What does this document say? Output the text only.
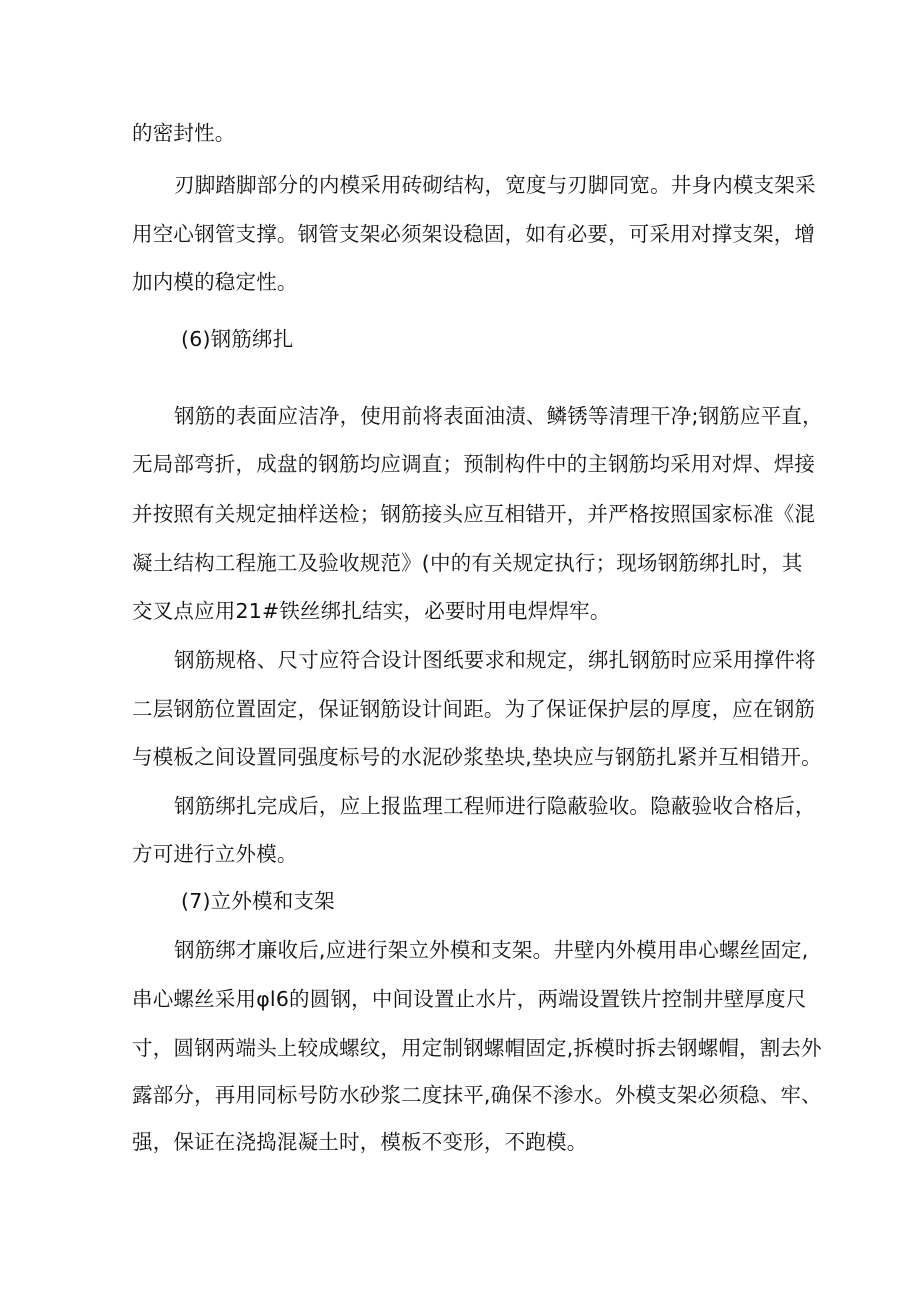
的密封性。

刃脚踏脚部分的内模采用砖砌结构，宽度与刃脚同宽。井身内模支架采

用空心钢管支撑。钢管支架必须架设稳固，如有必要，可采用对撑支架，增

加内模的稳定性。

(6)钢筋绑扎

钢筋的表面应洁净，使用前将表面油渍、鳞锈等清理干净;钢筋应平直，

无局部弯折，成盘的钢筋均应调直；预制构件中的主钢筋均采用对焊、焊接

并按照有关规定抽样送检；钢筋接头应互相错开，并严格按照国家标准《混

凝土结构工程施工及验收规范》(中的有关规定执行；现场钢筋绑扎时，其

交叉点应用21#铁丝绑扎结实，必要时用电焊焊牢。

钢筋规格、尺寸应符合设计图纸要求和规定，绑扎钢筋时应采用撑件将

二层钢筋位置固定，保证钢筋设计间距。为了保证保护层的厚度，应在钢筋

与模板之间设置同强度标号的水泥砂浆垫块,垫块应与钢筋扎紧并互相错开。

钢筋绑扎完成后，应上报监理工程师进行隐蔽验收。隐蔽验收合格后，

方可进行立外模。

(7)立外模和支架

钢筋绑才廉收后,应进行架立外模和支架。井壁内外模用串心螺丝固定,

串心螺丝采用φl6的圆钢，中间设置止水片，两端设置铁片控制井壁厚度尺

寸，圆钢两端头上较成螺纹，用定制钢螺帽固定,拆模时拆去钢螺帽，割去外

露部分，再用同标号防水砂浆二度抹平,确保不渗水。外模支架必须稳、牢、

强，保证在浇捣混凝土时，模板不变形，不跑模。
